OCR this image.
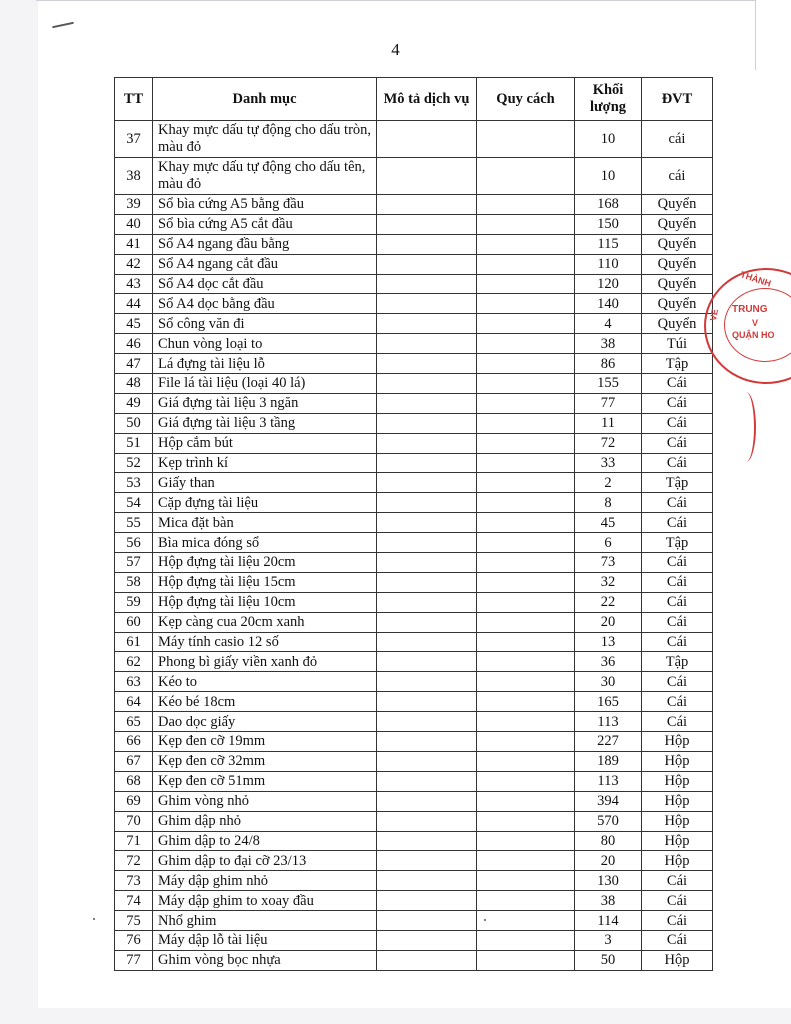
4
TT	Danh mục	Mô tả dịch vụ	Quy cách	Khối lượng	ĐVT
37	Khay mực dấu tự động cho dấu tròn, màu đỏ			10	cái
38	Khay mực dấu tự động cho dấu tên, màu đỏ			10	cái
39	Sổ bìa cứng A5 bằng đầu			168	Quyển
40	Sổ bìa cứng A5 cắt đầu			150	Quyển
41	Sổ A4 ngang đầu bằng			115	Quyển
42	Sổ A4 ngang cắt đầu			110	Quyển
43	Sổ A4 dọc cắt đầu			120	Quyển
44	Sổ A4 dọc bằng đầu			140	Quyển
45	Sổ công văn đi			4	Quyển
46	Chun vòng loại to			38	Túi
47	Lá đựng tài liệu lỗ			86	Tập
48	File lá tài liệu (loại 40 lá)			155	Cái
49	Giá đựng tài liệu 3 ngăn			77	Cái
50	Giá đựng tài liệu 3 tầng			11	Cái
51	Hộp cắm bút			72	Cái
52	Kẹp trình kí			33	Cái
53	Giấy than			2	Tập
54	Cặp đựng tài liệu			8	Cái
55	Mica đặt bàn			45	Cái
56	Bìa mica đóng sổ			6	Tập
57	Hộp đựng tài liệu 20cm			73	Cái
58	Hộp đựng tài liệu 15cm			32	Cái
59	Hộp đựng tài liệu 10cm			22	Cái
60	Kẹp càng cua 20cm xanh			20	Cái
61	Máy tính casio 12 số			13	Cái
62	Phong bì giấy viền xanh đỏ			36	Tập
63	Kéo to			30	Cái
64	Kéo bé 18cm			165	Cái
65	Dao dọc giấy			113	Cái
66	Kẹp đen cỡ 19mm			227	Hộp
67	Kẹp đen cỡ 32mm			189	Hộp
68	Kẹp đen cỡ 51mm			113	Hộp
69	Ghim vòng nhỏ			394	Hộp
70	Ghim dập nhỏ			570	Hộp
71	Ghim dập to 24/8			80	Hộp
72	Ghim dập to đại cỡ 23/13			20	Hộp
73	Máy dập ghim nhỏ			130	Cái
74	Máy dập ghim to xoay đầu			38	Cái
75	Nhổ ghim			114	Cái
76	Máy dập lỗ tài liệu			3	Cái
77	Ghim vòng bọc nhựa			50	Hộp
THÀNH
TRUNG
V
QUẬN HO
VE
